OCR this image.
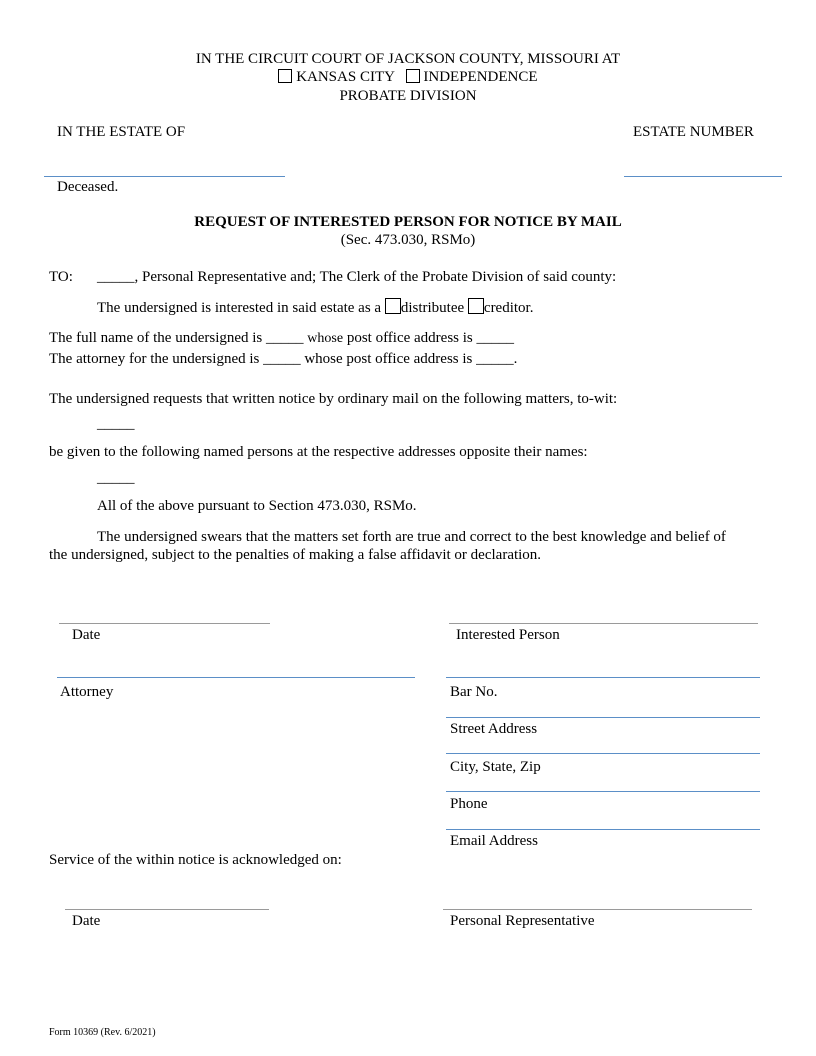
IN THE CIRCUIT COURT OF JACKSON COUNTY, MISSOURI AT
KANSAS CITY INDEPENDENCE
PROBATE DIVISION
IN THE ESTATE OF	ESTATE NUMBER
Deceased.
REQUEST OF INTERESTED PERSON FOR NOTICE BY MAIL
(Sec. 473.030, RSMo)
TO: _____, Personal Representative and; The Clerk of the Probate Division of said county:
The undersigned is interested in said estate as a distributee creditor.
The full name of the undersigned is _____ whose post office address is _____
The attorney for the undersigned is _____ whose post office address is _____.
The undersigned requests that written notice by ordinary mail on the following matters, to-wit:
_____
be given to the following named persons at the respective addresses opposite their names:
_____
All of the above pursuant to Section 473.030, RSMo.
The undersigned swears that the matters set forth are true and correct to the best knowledge and belief of
the undersigned, subject to the penalties of making a false affidavit or declaration.
Date	Interested Person
Attorney	Bar No.
Street Address
City, State, Zip
Phone
Email Address
Service of the within notice is acknowledged on:
Date	Personal Representative
Form 10369 (Rev. 6/2021)
